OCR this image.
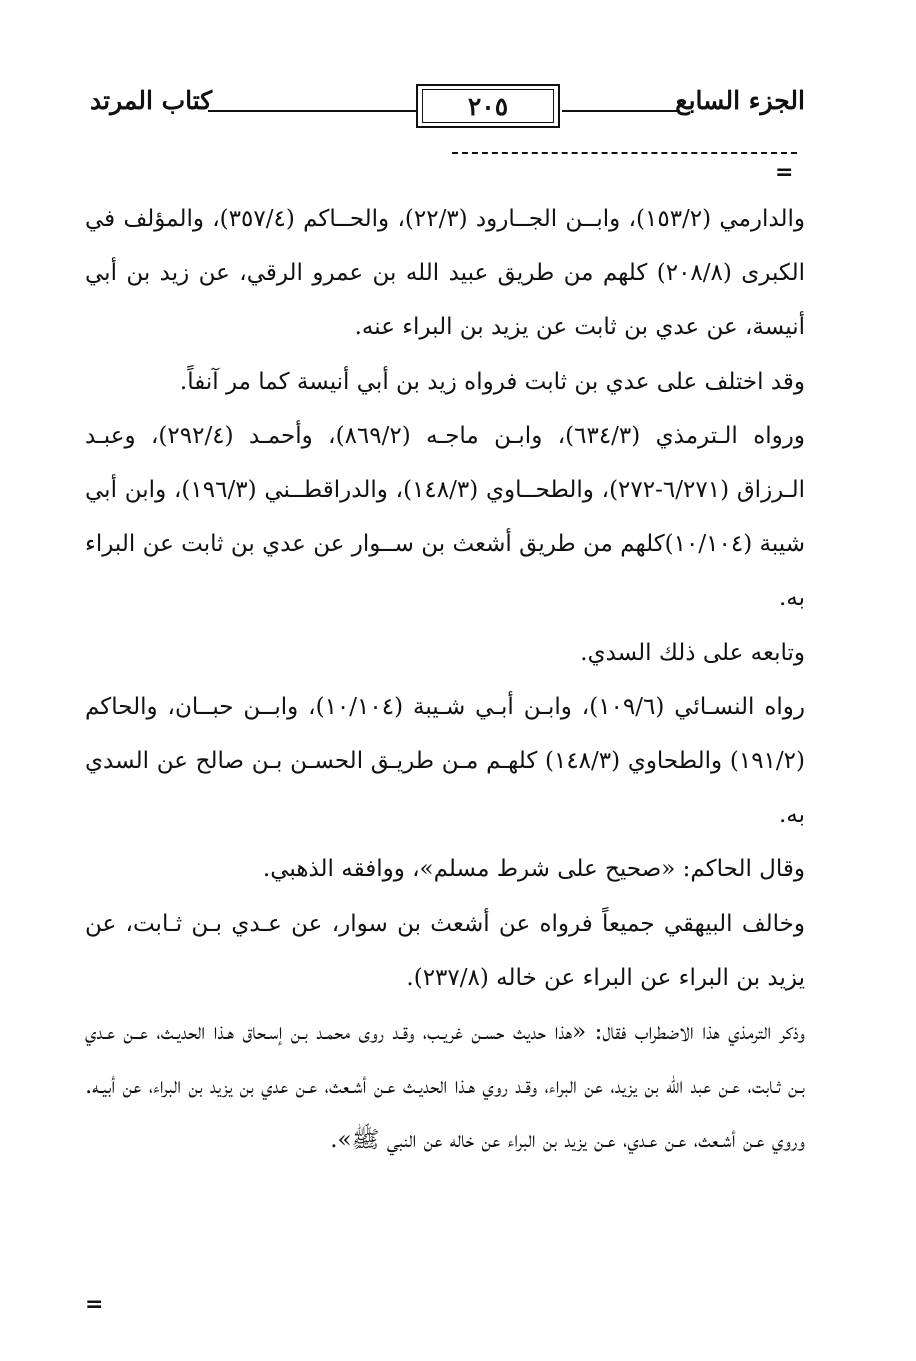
الجزء السابع
٢٠٥
كتاب المرتد
=

والدارمي (١٥٣/٢)، وابــن الجــارود (٢٢/٣)، والحــاكم (٣٥٧/٤)، والمؤلف في الكبرى (٢٠٨/٨) كلهم من طريق عبيد الله بن عمرو الرقي، عن زيد بن أبي أنيسة، عن عدي بن ثابت عن يزيد بن البراء عنه.

وقد اختلف على عدي بن ثابت فرواه زيد بن أبي أنيسة كما مر آنفاً.

ورواه الـترمذي (٦٣٤/٣)، وابـن ماجـه (٨٦٩/٢)، وأحمـد (٢٩٢/٤)، وعبـد الـرزاق (٦/٢٧١-٢٧٢)، والطحــاوي (١٤٨/٣)، والدراقطــني (١٩٦/٣)، وابن أبي شيبة (١٠/١٠٤)كلهم من طريق أشعث بن ســوار عن عدي بن ثابت عن البراء به.

وتابعه على ذلك السدي.

رواه النسـائي (١٠٩/٦)، وابـن أبـي شـيبة (١٠/١٠٤)، وابــن حبــان، والحاكم (١٩١/٢) والطحاوي (١٤٨/٣) كلهـم مـن طريـق الحسـن بـن صالح عن السدي به.

وقال الحاكم: «صحيح على شرط مسلم»، ووافقه الذهبي.

وخالف البيهقي جميعاً فرواه عن أشعث بن سوار، عن عـدي بـن ثـابت، عن يزيد بن البراء عن البراء عن خاله (٢٣٧/٨).

وذكر الترمذي هذا الاضطراب فقال: «هذا حديث حسـن غريـب، وقـد روى محمـد بـن إسـحاق هـذا الحديـث، عــن عـدي بـن ثـابت، عـن عبد الله بن يزيد، عن البراء، وقـد روي هـذا الحديـث عـن أشـعث، عـن عدي بن يزيد بن البراء، عن أبيـه. وروي عـن أشـعث، عـن عـدي، عـن يزيد بن البراء عن خاله عن النبي ﷺ».

=
